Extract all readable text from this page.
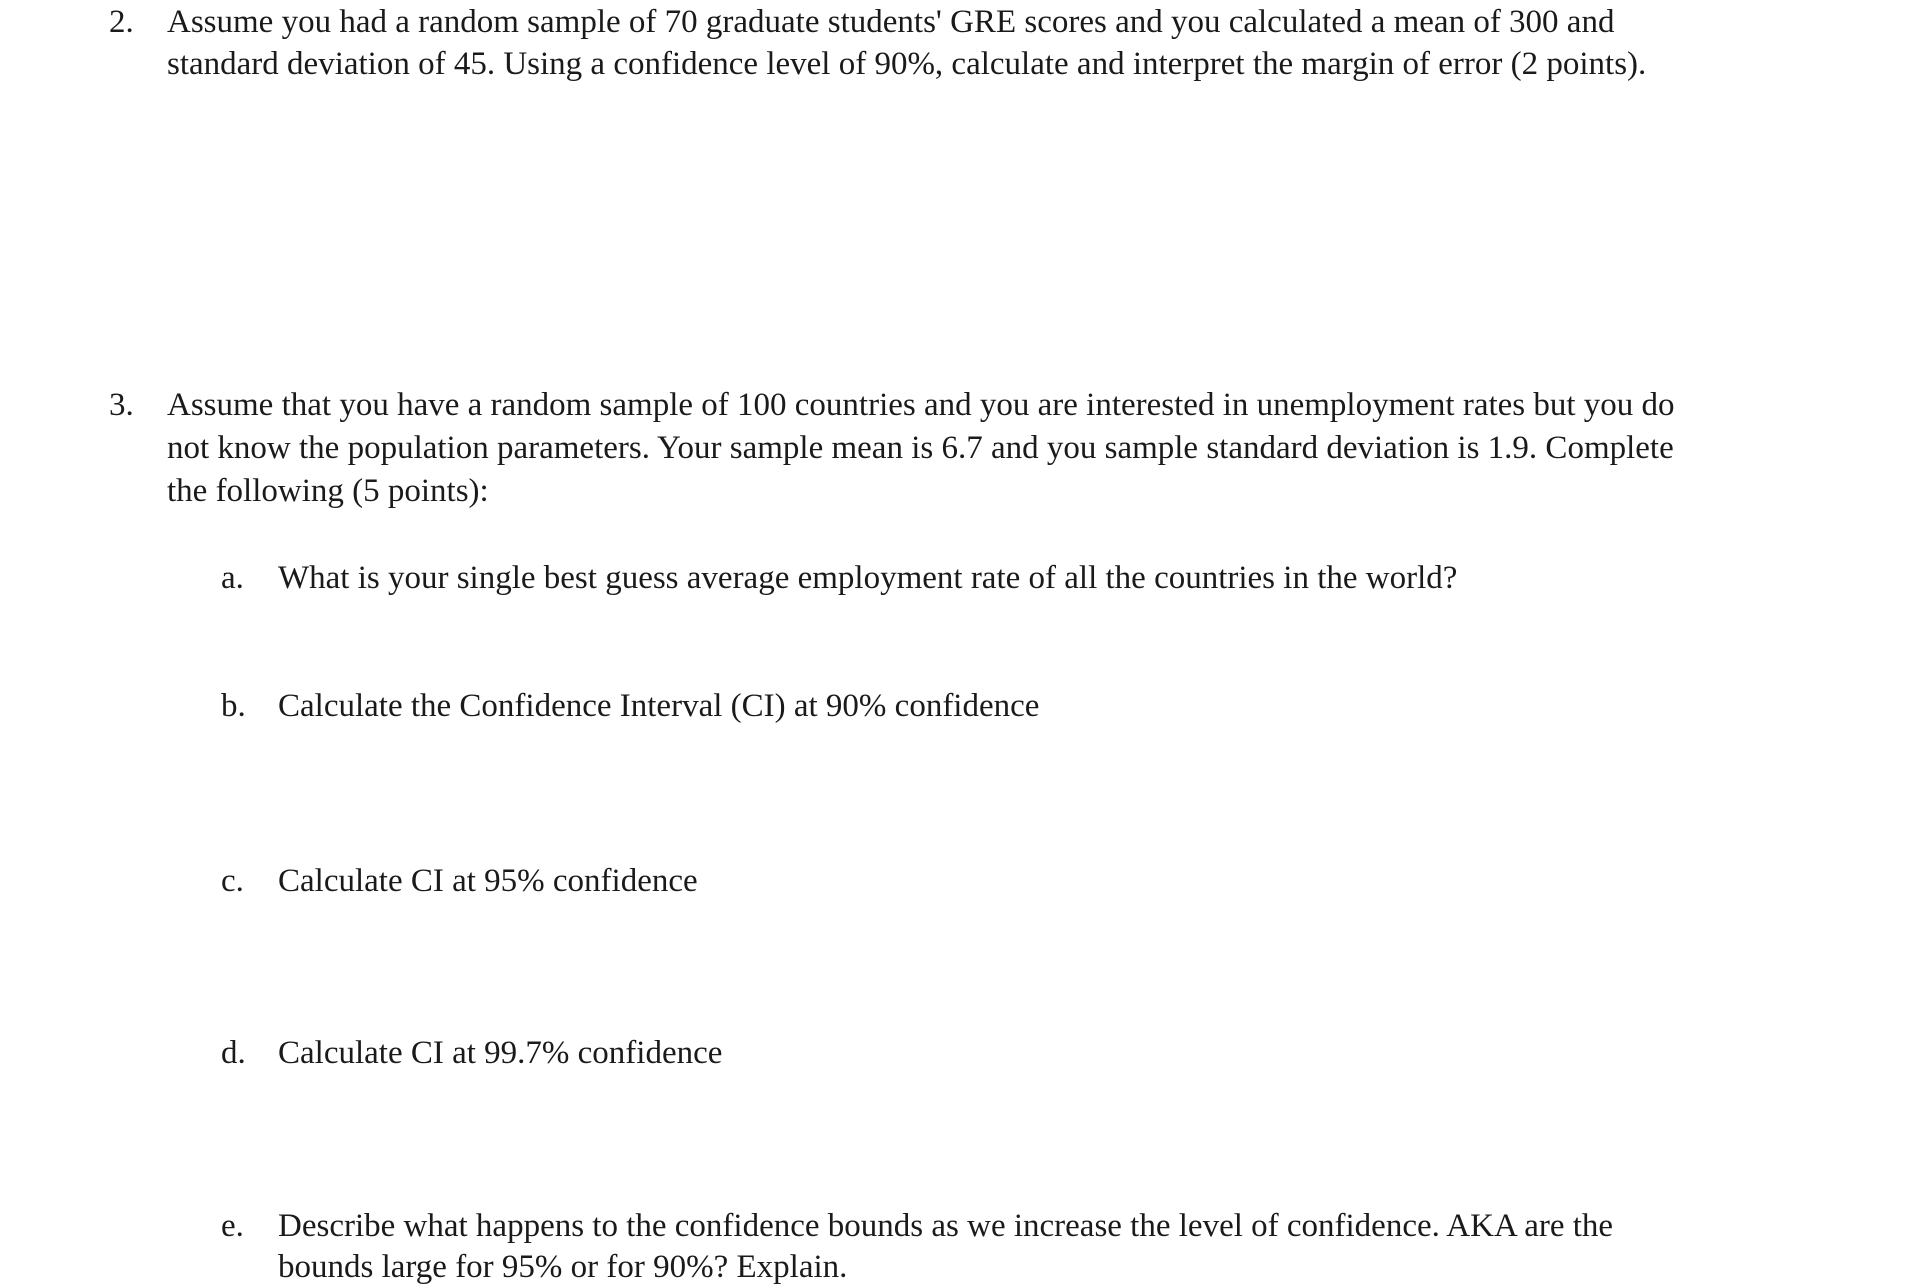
2. Assume you had a random sample of 70 graduate students' GRE scores and you calculated a mean of 300 and
standard deviation of 45. Using a confidence level of 90%, calculate and interpret the margin of error (2 points).
3. Assume that you have a random sample of 100 countries and you are interested in unemployment rates but you do
not know the population parameters. Your sample mean is 6.7 and you sample standard deviation is 1.9. Complete
the following (5 points):
a. What is your single best guess average employment rate of all the countries in the world?
b. Calculate the Confidence Interval (CI) at 90% confidence
c. Calculate CI at 95% confidence
d. Calculate CI at 99.7% confidence
e. Describe what happens to the confidence bounds as we increase the level of confidence. AKA are the
bounds large for 95% or for 90%? Explain.
